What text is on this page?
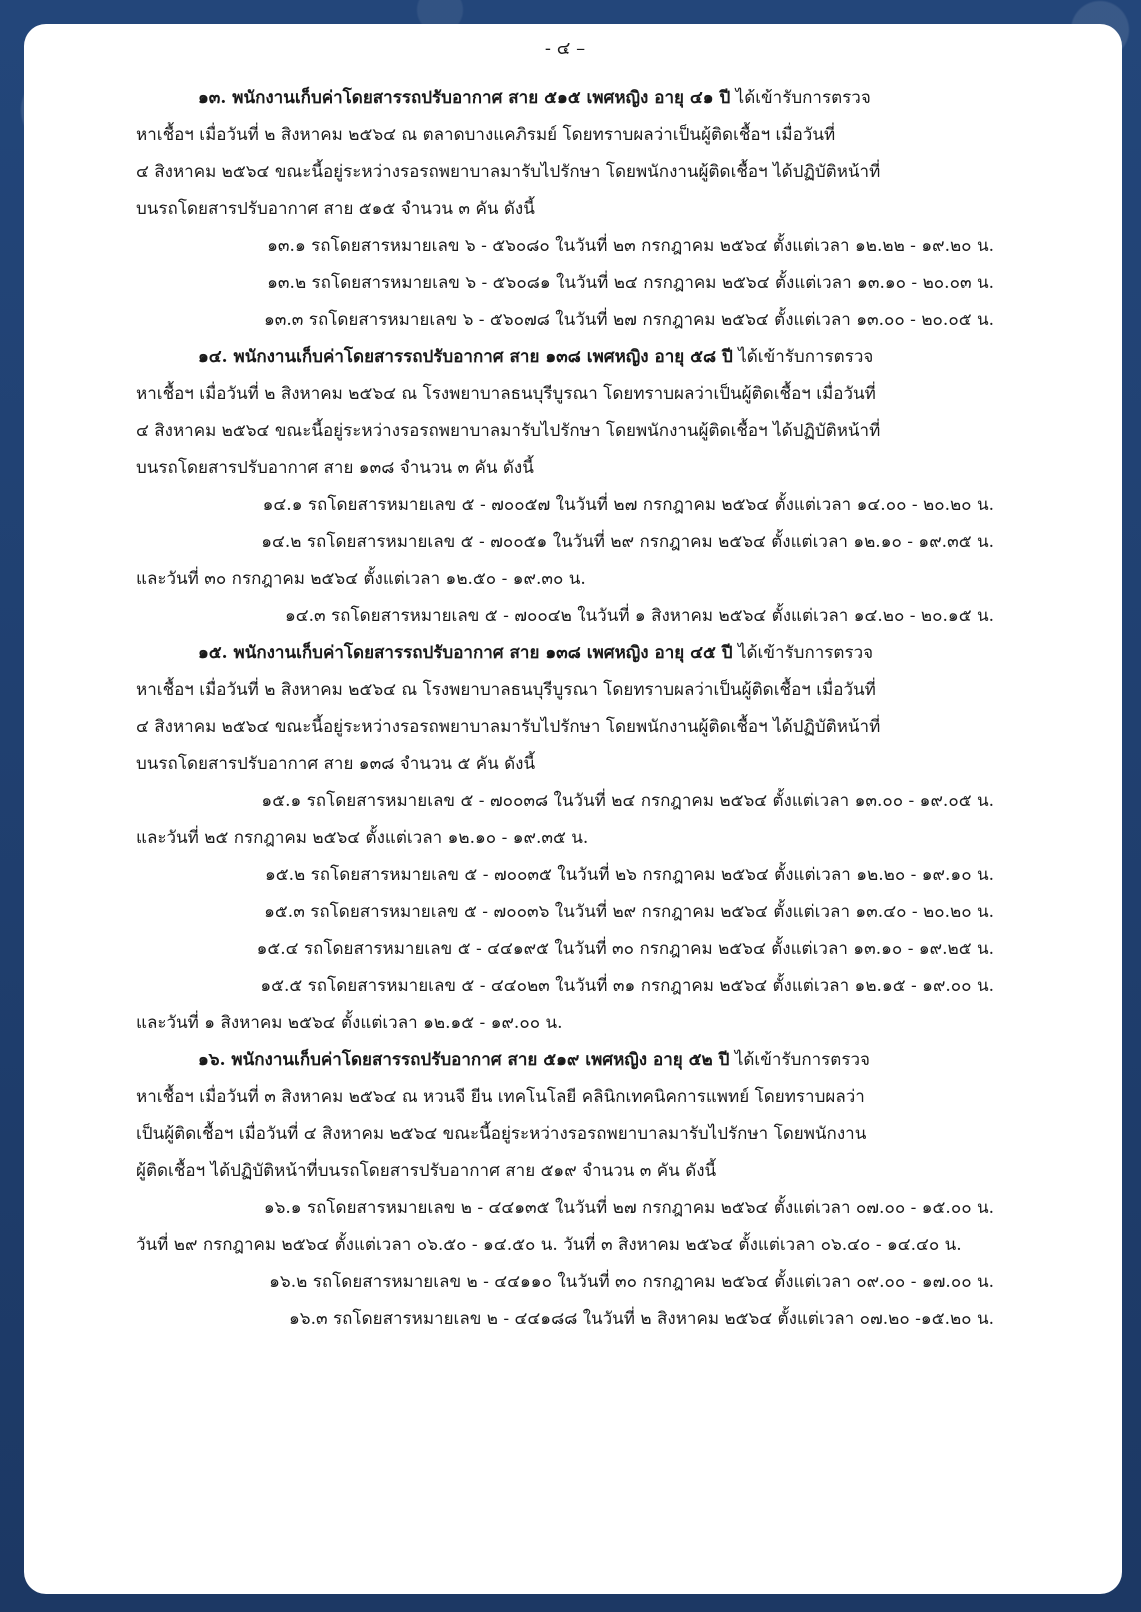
- ๔ –
๑๓. พนักงานเก็บค่าโดยสารรถปรับอากาศ สาย ๕๑๕ เพศหญิง อายุ ๔๑ ปี ได้เข้ารับการตรวจ
หาเชื้อฯ เมื่อวันที่ ๒ สิงหาคม ๒๕๖๔ ณ ตลาดบางแคภิรมย์ โดยทราบผลว่าเป็นผู้ติดเชื้อฯ เมื่อวันที่
๔ สิงหาคม ๒๕๖๔ ขณะนี้อยู่ระหว่างรอรถพยาบาลมารับไปรักษา โดยพนักงานผู้ติดเชื้อฯ ได้ปฏิบัติหน้าที่
บนรถโดยสารปรับอากาศ สาย ๕๑๕ จำนวน ๓ คัน ดังนี้
๑๓.๑ รถโดยสารหมายเลข ๖ - ๕๖๐๘๐ ในวันที่ ๒๓ กรกฎาคม ๒๕๖๔ ตั้งแต่เวลา ๑๒.๒๒ - ๑๙.๒๐ น.
๑๓.๒ รถโดยสารหมายเลข ๖ - ๕๖๐๘๑ ในวันที่ ๒๔ กรกฎาคม ๒๕๖๔ ตั้งแต่เวลา ๑๓.๑๐ - ๒๐.๐๓ น.
๑๓.๓ รถโดยสารหมายเลข ๖ - ๕๖๐๗๘ ในวันที่ ๒๗ กรกฎาคม ๒๕๖๔ ตั้งแต่เวลา ๑๓.๐๐ - ๒๐.๐๕ น.
๑๔. พนักงานเก็บค่าโดยสารรถปรับอากาศ สาย ๑๓๘ เพศหญิง อายุ ๕๘ ปี ได้เข้ารับการตรวจ
หาเชื้อฯ เมื่อวันที่ ๒ สิงหาคม ๒๕๖๔ ณ โรงพยาบาลธนบุรีบูรณา โดยทราบผลว่าเป็นผู้ติดเชื้อฯ เมื่อวันที่
๔ สิงหาคม ๒๕๖๔ ขณะนี้อยู่ระหว่างรอรถพยาบาลมารับไปรักษา โดยพนักงานผู้ติดเชื้อฯ ได้ปฏิบัติหน้าที่
บนรถโดยสารปรับอากาศ สาย ๑๓๘ จำนวน ๓ คัน ดังนี้
๑๔.๑ รถโดยสารหมายเลข ๕ - ๗๐๐๕๗ ในวันที่ ๒๗ กรกฎาคม ๒๕๖๔ ตั้งแต่เวลา ๑๔.๐๐ - ๒๐.๒๐ น.
๑๔.๒ รถโดยสารหมายเลข ๕ - ๗๐๐๕๑ ในวันที่ ๒๙ กรกฎาคม ๒๕๖๔ ตั้งแต่เวลา ๑๒.๑๐ - ๑๙.๓๕ น.
และวันที่ ๓๐ กรกฎาคม ๒๕๖๔ ตั้งแต่เวลา ๑๒.๕๐ - ๑๙.๓๐ น.
๑๔.๓ รถโดยสารหมายเลข ๕ - ๗๐๐๔๒ ในวันที่ ๑ สิงหาคม ๒๕๖๔ ตั้งแต่เวลา ๑๔.๒๐ - ๒๐.๑๕ น.
๑๕. พนักงานเก็บค่าโดยสารรถปรับอากาศ สาย ๑๓๘ เพศหญิง อายุ ๔๕ ปี ได้เข้ารับการตรวจ
หาเชื้อฯ เมื่อวันที่ ๒ สิงหาคม ๒๕๖๔ ณ โรงพยาบาลธนบุรีบูรณา โดยทราบผลว่าเป็นผู้ติดเชื้อฯ เมื่อวันที่
๔ สิงหาคม ๒๕๖๔ ขณะนี้อยู่ระหว่างรอรถพยาบาลมารับไปรักษา โดยพนักงานผู้ติดเชื้อฯ ได้ปฏิบัติหน้าที่
บนรถโดยสารปรับอากาศ สาย ๑๓๘ จำนวน ๕ คัน ดังนี้
๑๕.๑ รถโดยสารหมายเลข ๕ - ๗๐๐๓๘ ในวันที่ ๒๔ กรกฎาคม ๒๕๖๔ ตั้งแต่เวลา ๑๓.๐๐ - ๑๙.๐๕ น.
และวันที่ ๒๕ กรกฎาคม ๒๕๖๔ ตั้งแต่เวลา ๑๒.๑๐ - ๑๙.๓๕ น.
๑๕.๒ รถโดยสารหมายเลข ๕ - ๗๐๐๓๕ ในวันที่ ๒๖ กรกฎาคม ๒๕๖๔ ตั้งแต่เวลา ๑๒.๒๐ - ๑๙.๑๐ น.
๑๕.๓ รถโดยสารหมายเลข ๕ - ๗๐๐๓๖ ในวันที่ ๒๙ กรกฎาคม ๒๕๖๔ ตั้งแต่เวลา ๑๓.๔๐ - ๒๐.๒๐ น.
๑๕.๔ รถโดยสารหมายเลข ๕ - ๔๔๑๙๕ ในวันที่ ๓๐ กรกฎาคม ๒๕๖๔ ตั้งแต่เวลา ๑๓.๑๐ - ๑๙.๒๕ น.
๑๕.๕ รถโดยสารหมายเลข ๕ - ๔๔๐๒๓ ในวันที่ ๓๑ กรกฎาคม ๒๕๖๔ ตั้งแต่เวลา ๑๒.๑๕ - ๑๙.๐๐ น.
และวันที่ ๑ สิงหาคม ๒๕๖๔ ตั้งแต่เวลา ๑๒.๑๕ - ๑๙.๐๐ น.
๑๖. พนักงานเก็บค่าโดยสารรถปรับอากาศ สาย ๕๑๙ เพศหญิง อายุ ๕๒ ปี ได้เข้ารับการตรวจ
หาเชื้อฯ เมื่อวันที่ ๓ สิงหาคม ๒๕๖๔ ณ หวนจี ยีน เทคโนโลยี คลินิกเทคนิคการแพทย์ โดยทราบผลว่า
เป็นผู้ติดเชื้อฯ เมื่อวันที่ ๔ สิงหาคม ๒๕๖๔ ขณะนี้อยู่ระหว่างรอรถพยาบาลมารับไปรักษา โดยพนักงาน
ผู้ติดเชื้อฯ ได้ปฏิบัติหน้าที่บนรถโดยสารปรับอากาศ สาย ๕๑๙ จำนวน ๓ คัน ดังนี้
๑๖.๑ รถโดยสารหมายเลข ๒ - ๔๔๑๓๕ ในวันที่ ๒๗ กรกฎาคม ๒๕๖๔ ตั้งแต่เวลา ๐๗.๐๐ - ๑๕.๐๐ น.
วันที่ ๒๙ กรกฎาคม ๒๕๖๔ ตั้งแต่เวลา ๐๖.๕๐ - ๑๔.๕๐ น. วันที่ ๓ สิงหาคม ๒๕๖๔ ตั้งแต่เวลา ๐๖.๔๐ - ๑๔.๔๐ น.
๑๖.๒ รถโดยสารหมายเลข ๒ - ๔๔๑๑๐ ในวันที่ ๓๐ กรกฎาคม ๒๕๖๔ ตั้งแต่เวลา ๐๙.๐๐ - ๑๗.๐๐ น.
๑๖.๓ รถโดยสารหมายเลข ๒ - ๔๔๑๘๘ ในวันที่ ๒ สิงหาคม ๒๕๖๔ ตั้งแต่เวลา ๐๗.๒๐ -๑๕.๒๐ น.
